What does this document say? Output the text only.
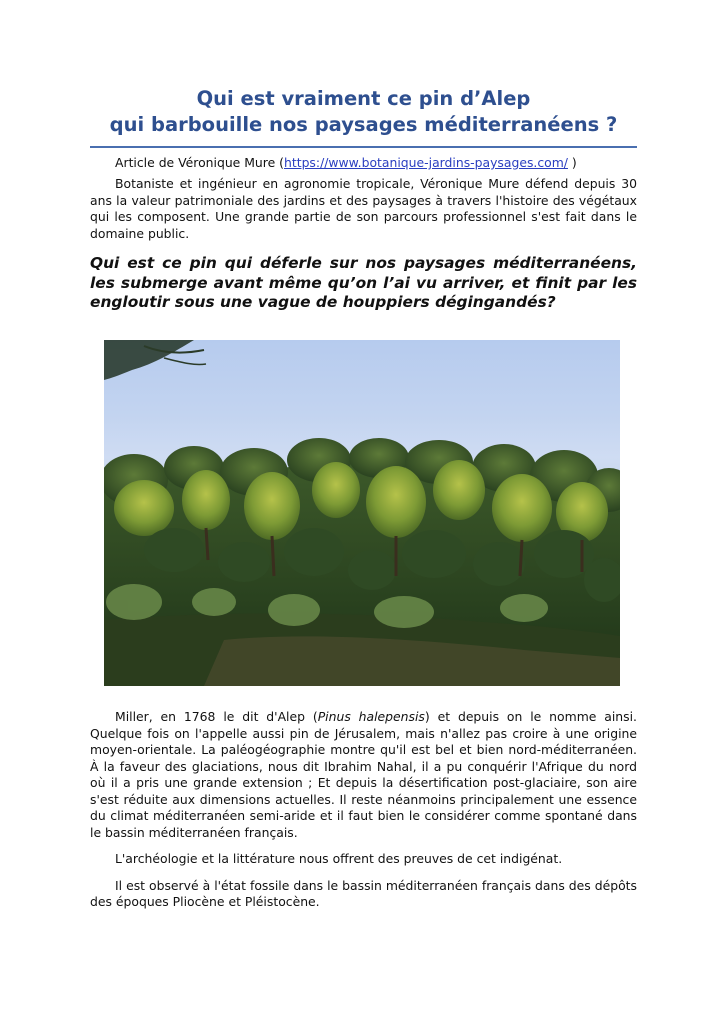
Qui est vraiment ce pin d’Alep
qui barbouille nos paysages méditerranéens ?
Article de Véronique Mure (https://www.botanique-jardins-paysages.com/ )

Botaniste et ingénieur en agronomie tropicale, Véronique Mure défend depuis 30 ans la valeur patrimoniale des jardins et des paysages à travers l'histoire des végétaux qui les composent. Une grande partie de son parcours professionnel s'est fait dans le domaine public.

Qui est ce pin qui déferle sur nos paysages méditerranéens, les submerge avant même qu’on l’ai vu arriver, et finit par les engloutir sous une vague de houppiers dégingandés?

Miller, en 1768 le dit d'Alep (Pinus halepensis) et depuis on le nomme ainsi. Quelque fois on l'appelle aussi pin de Jérusalem, mais n'allez pas croire à une origine moyen-orientale. La paléogéographie montre qu'il est bel et bien nord-méditerranéen. À la faveur des glaciations, nous dit Ibrahim Nahal, il a pu conquérir l'Afrique du nord où il a pris une grande extension ; Et depuis la désertification post-glaciaire, son aire s'est réduite aux dimensions actuelles. Il reste néanmoins principalement une essence du climat méditerranéen semi-aride et il faut bien le considérer comme spontané dans le bassin méditerranéen français.

L'archéologie et la littérature nous offrent des preuves de cet indigénat.

Il est observé à l'état fossile dans le bassin méditerranéen français dans des dépôts des époques Pliocène et Pléistocène.
